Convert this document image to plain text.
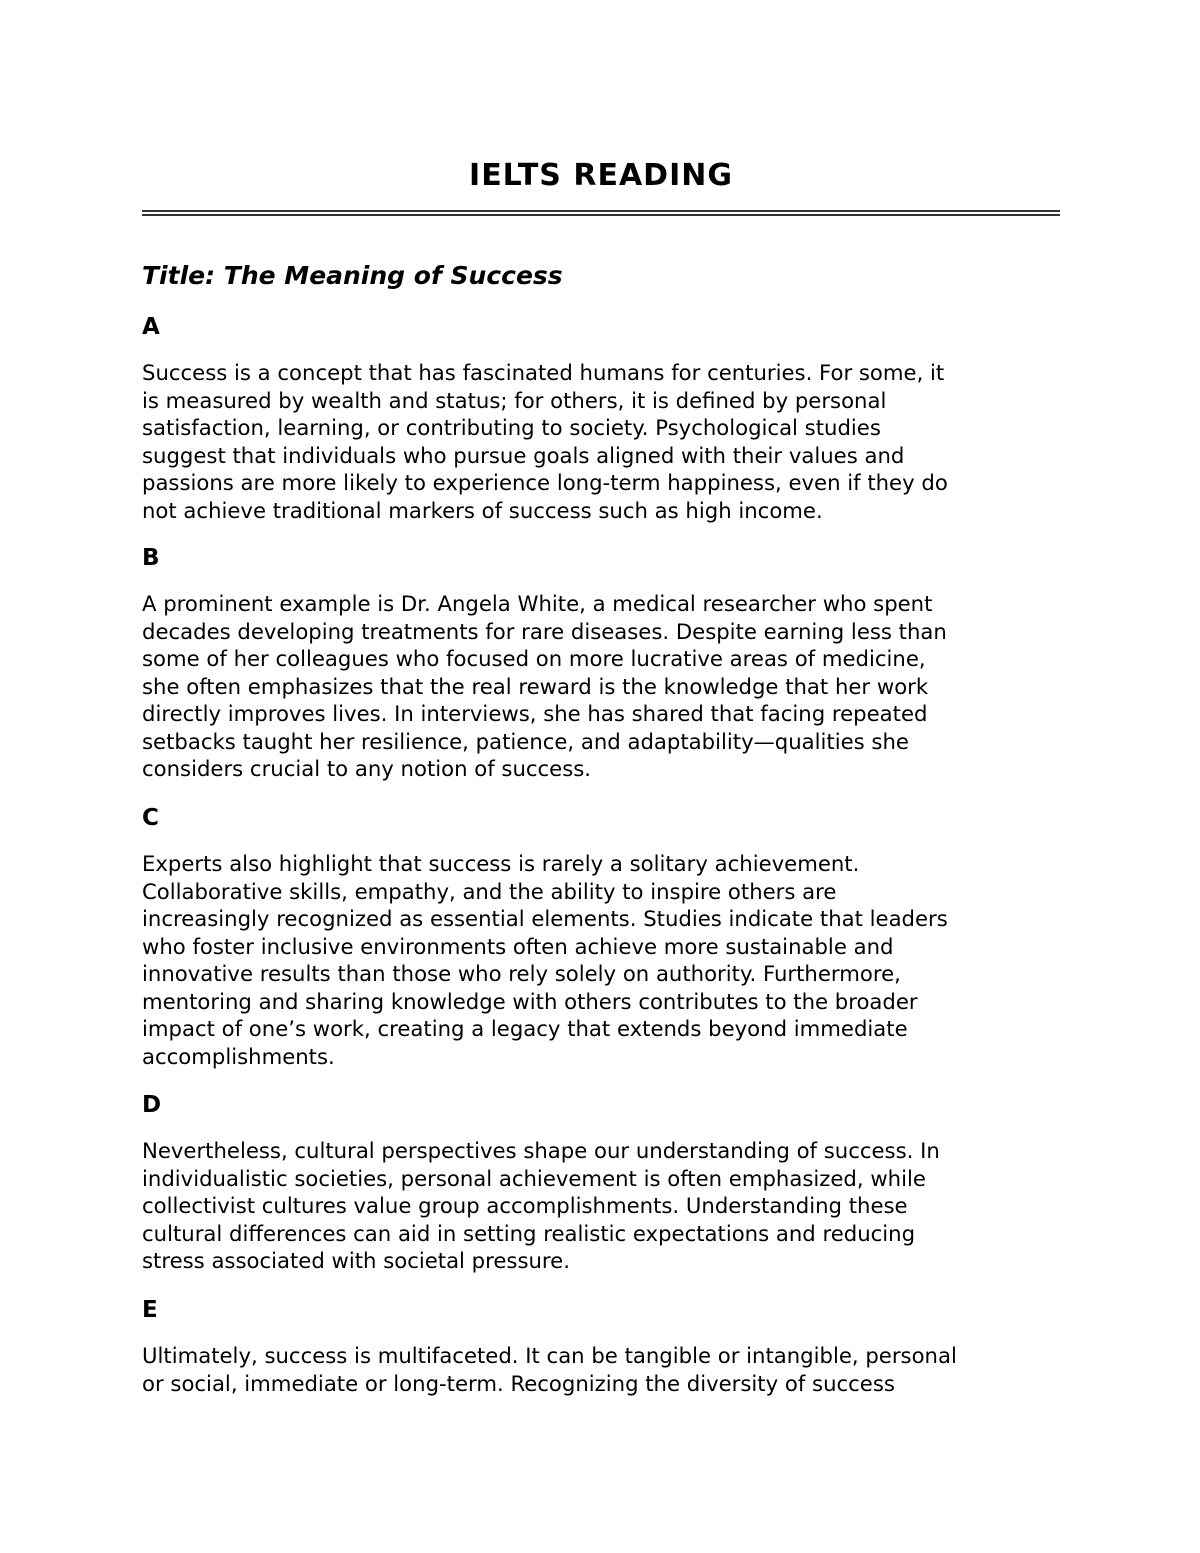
IELTS READING
Title: The Meaning of Success
A
Success is a concept that has fascinated humans for centuries. For some, it
is measured by wealth and status; for others, it is defined by personal
satisfaction, learning, or contributing to society. Psychological studies
suggest that individuals who pursue goals aligned with their values and
passions are more likely to experience long-term happiness, even if they do
not achieve traditional markers of success such as high income.
B
A prominent example is Dr. Angela White, a medical researcher who spent
decades developing treatments for rare diseases. Despite earning less than
some of her colleagues who focused on more lucrative areas of medicine,
she often emphasizes that the real reward is the knowledge that her work
directly improves lives. In interviews, she has shared that facing repeated
setbacks taught her resilience, patience, and adaptability—qualities she
considers crucial to any notion of success.
C
Experts also highlight that success is rarely a solitary achievement.
Collaborative skills, empathy, and the ability to inspire others are
increasingly recognized as essential elements. Studies indicate that leaders
who foster inclusive environments often achieve more sustainable and
innovative results than those who rely solely on authority. Furthermore,
mentoring and sharing knowledge with others contributes to the broader
impact of one’s work, creating a legacy that extends beyond immediate
accomplishments.
D
Nevertheless, cultural perspectives shape our understanding of success. In
individualistic societies, personal achievement is often emphasized, while
collectivist cultures value group accomplishments. Understanding these
cultural differences can aid in setting realistic expectations and reducing
stress associated with societal pressure.
E
Ultimately, success is multifaceted. It can be tangible or intangible, personal
or social, immediate or long-term. Recognizing the diversity of success
